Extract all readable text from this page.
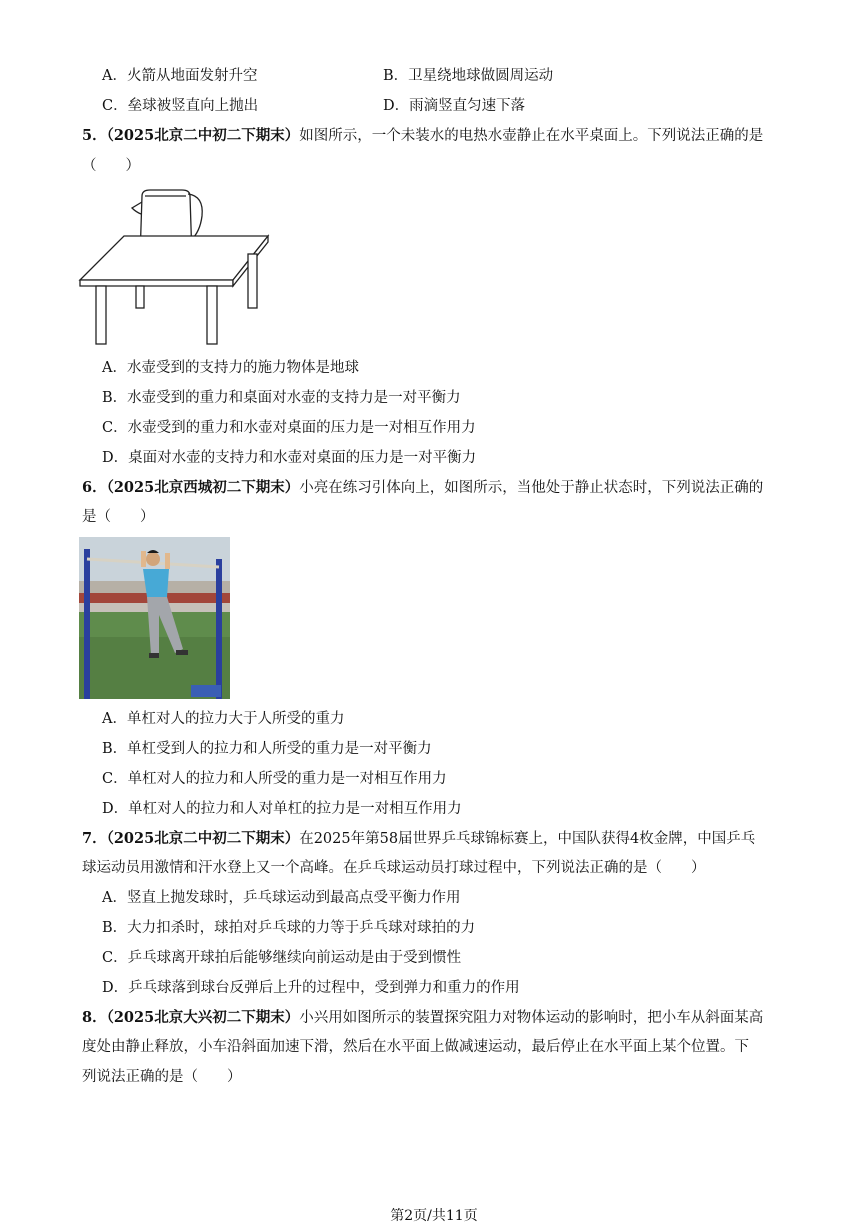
A．火箭从地面发射升空	B．卫星绕地球做圆周运动
C．垒球被竖直向上抛出	D．雨滴竖直匀速下落
5．（2025北京二中初二下期末）如图所示，一个未装水的电热水壶静止在水平桌面上。下列说法正确的是
（　　）
A．水壶受到的支持力的施力物体是地球
B．水壶受到的重力和桌面对水壶的支持力是一对平衡力
C．水壶受到的重力和水壶对桌面的压力是一对相互作用力
D．桌面对水壶的支持力和水壶对桌面的压力是一对平衡力
6．（2025北京西城初二下期末）小亮在练习引体向上，如图所示，当他处于静止状态时，下列说法正确的
是（　　）
A．单杠对人的拉力大于人所受的重力
B．单杠受到人的拉力和人所受的重力是一对平衡力
C．单杠对人的拉力和人所受的重力是一对相互作用力
D．单杠对人的拉力和人对单杠的拉力是一对相互作用力
7．（2025北京二中初二下期末）在2025年第58届世界乒乓球锦标赛上，中国队获得4枚金牌，中国乒乓
球运动员用激情和汗水登上又一个高峰。在乒乓球运动员打球过程中，下列说法正确的是（　　）
A．竖直上抛发球时，乒乓球运动到最高点受平衡力作用
B．大力扣杀时，球拍对乒乓球的力等于乒乓球对球拍的力
C．乒乓球离开球拍后能够继续向前运动是由于受到惯性
D．乒乓球落到球台反弹后上升的过程中，受到弹力和重力的作用
8．（2025北京大兴初二下期末）小兴用如图所示的装置探究阻力对物体运动的影响时，把小车从斜面某高
度处由静止释放，小车沿斜面加速下滑，然后在水平面上做减速运动，最后停止在水平面上某个位置。下
列说法正确的是（　　）
第2页/共11页
